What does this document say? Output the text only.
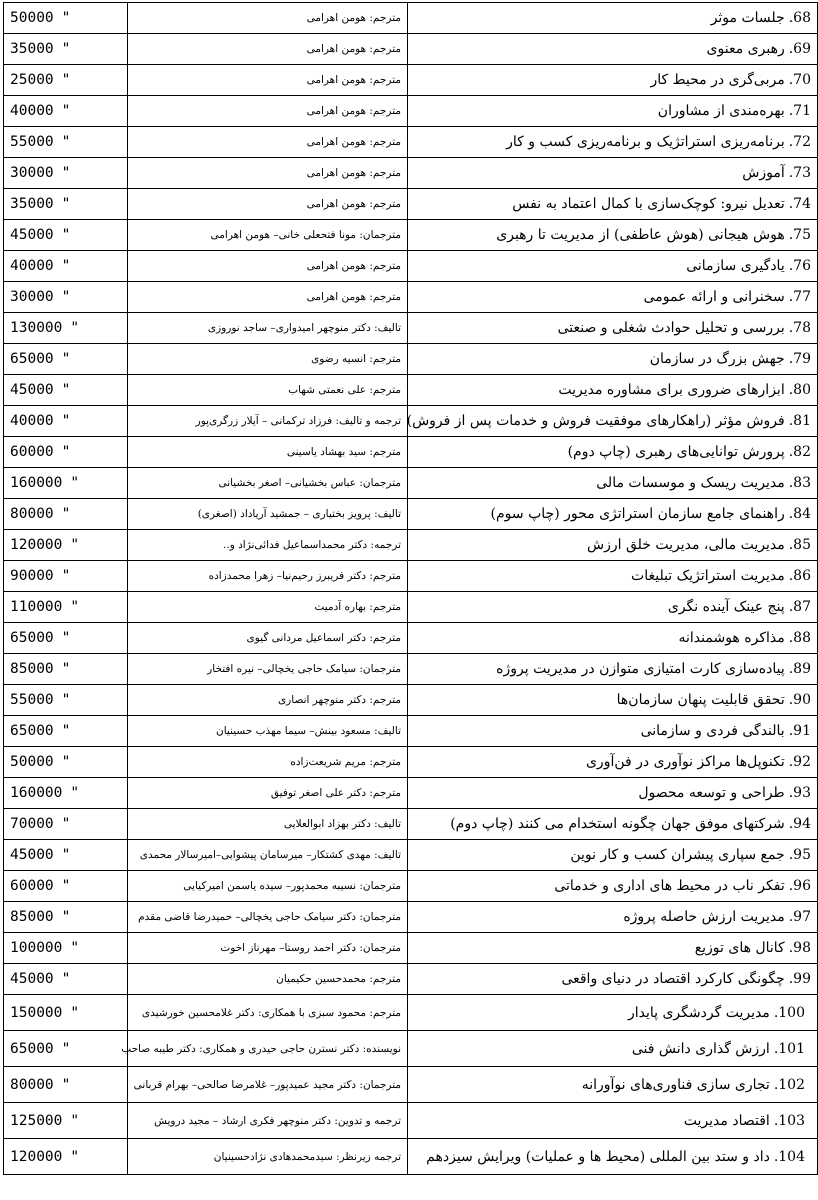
68.جلسات موثر	مترجم: هومن اهرامی	50000 "
69.رهبری معنوی	مترجم: هومن اهرامی	35000 "
70.مربی‌گری در محیط کار	مترجم: هومن اهرامی	25000 "
71.بهره‌مندی از مشاوران	مترجم: هومن اهرامی	40000 "
72.برنامه‌ریزی استراتژیک و برنامه‌ریزی کسب و کار	مترجم: هومن اهرامی	55000 "
73.آموزش	مترجم: هومن اهرامی	30000 "
74.تعدیل نیرو: کوچک‌سازی با کمال اعتماد به نفس	مترجم: هومن اهرامی	35000 "
75.هوش هیجانی (هوش عاطفی) از مدیریت تا رهبری	مترجمان: مونا فتحعلی خانی– هومن اهرامی	45000 "
76.یادگیری سازمانی	مترجم: هومن اهرامی	40000 "
77.سخنرانی و ارائه عمومی	مترجم: هومن اهرامی	30000 "
78.بررسی و تحلیل حوادث شغلی و صنعتی	تالیف: دکتر منوچهر امیدواری– ساجد نوروزی	130000 "
79.جهش بزرگ در سازمان	مترجم: انسیه رضوی	65000 "
80.ابزارهای ضروری برای مشاوره مدیریت	مترجم: علی نعمتی شهاب	45000 "
81.فروش مؤثر (راهکارهای موفقیت فروش و خدمات پس از فروش)	ترجمه و تالیف: فرزاد ترکمانی – آیلار زرگری‌پور	40000 "
82.پرورش توانایی‌های رهبری (چاپ دوم)	مترجم: سید بهشاد یاسینی	60000 "
83.مدیریت ریسک و موسسات مالی	مترجمان: عباس بخشیانی– اصغر بخشیانی	160000 "
84.راهنمای جامع سازمان استراتژی محور (چاپ سوم)	تالیف: پرویز بختیاری – جمشید آریاداد (اصغری)	80000 "
85.مدیریت مالی، مدیریت خلق ارزش	ترجمه: دکتر محمداسماعیل فدائی‌نژاد و..	120000 "
86.مدیریت استراتژیک تبلیغات	مترجم: دکتر فریبرز رحیم‌نیا– زهرا محمدزاده	90000 "
87.پنج عینک آینده نگری	مترجم: بهاره آدمیت	110000 "
88.مذاکره هوشمندانه	مترجم: دکتر اسماعیل مردانی گیوی	65000 "
89.پیاده‌سازی کارت امتیازی متوازن در مدیریت پروژه	مترجمان: سیامک حاجی یخچالی– نیره افتخار	85000 "
90.تحقق قابلیت پنهان سازمان‌ها	مترجم: دکتر منوچهر انصاری	55000 "
91.بالندگی فردی و سازمانی	تالیف: مسعود بینش– سیما مهذب حسینیان	65000 "
92.تکنوپل‌ها مراکز نوآوری در فن‌آوری	مترجم: مریم شریعت‌زاده	50000 "
93.طراحی و توسعه محصول	مترجم: دکتر علی اصغر توفیق	160000 "
94.شرکتهای موفق جهان چگونه استخدام می کنند (چاپ دوم)	تالیف: دکتر بهزاد ابوالعلایی	70000 "
95.جمع سپاری پیشران کسب و کار نوین	تالیف: مهدی کشتکار– میرسامان پیشوایی–امیرسالار محمدی	45000 "
96.تفکر ناب در محیط های اداری و خدماتی	مترجمان: نسیبه محمدپور– سیده یاسمن امیرکیایی	60000 "
97.مدیریت ارزش حاصله پروژه	مترجمان: دکتر سیامک حاجی یخچالی– حمیدرضا قاضی مقدم	85000 "
98.کانال های توزیع	مترجمان: دکتر احمد روستا– مهرناز اخوت	100000 "
99.چگونگی کارکرد اقتصاد در دنیای واقعی	مترجم: محمدحسین حکیمیان	45000 "
100.مدیریت گردشگری پایدار	مترجم: محمود سبزی با همکاری: دکتر غلامحسین خورشیدی	150000 "
101.ارزش گذاری دانش فنی	نویسنده: دکتر نسترن حاجی حیدری و همکاری: دکتر طیبه صاحب	65000 "
102.تجاری سازی فناوری‌های نوآورانه	مترجمان: دکتر مجید عمیدپور– غلامرضا صالحی– بهرام قربانی	80000 "
103.اقتصاد مدیریت	ترجمه و تدوین: دکتر منوچهر فکری ارشاد – مجید درویش	125000 "
104.داد و ستد بین المللی (محیط ها و عملیات) ویرایش سیزدهم	ترجمه زیرنظر: سیدمحمدهادی نژادحسینیان	120000 "
